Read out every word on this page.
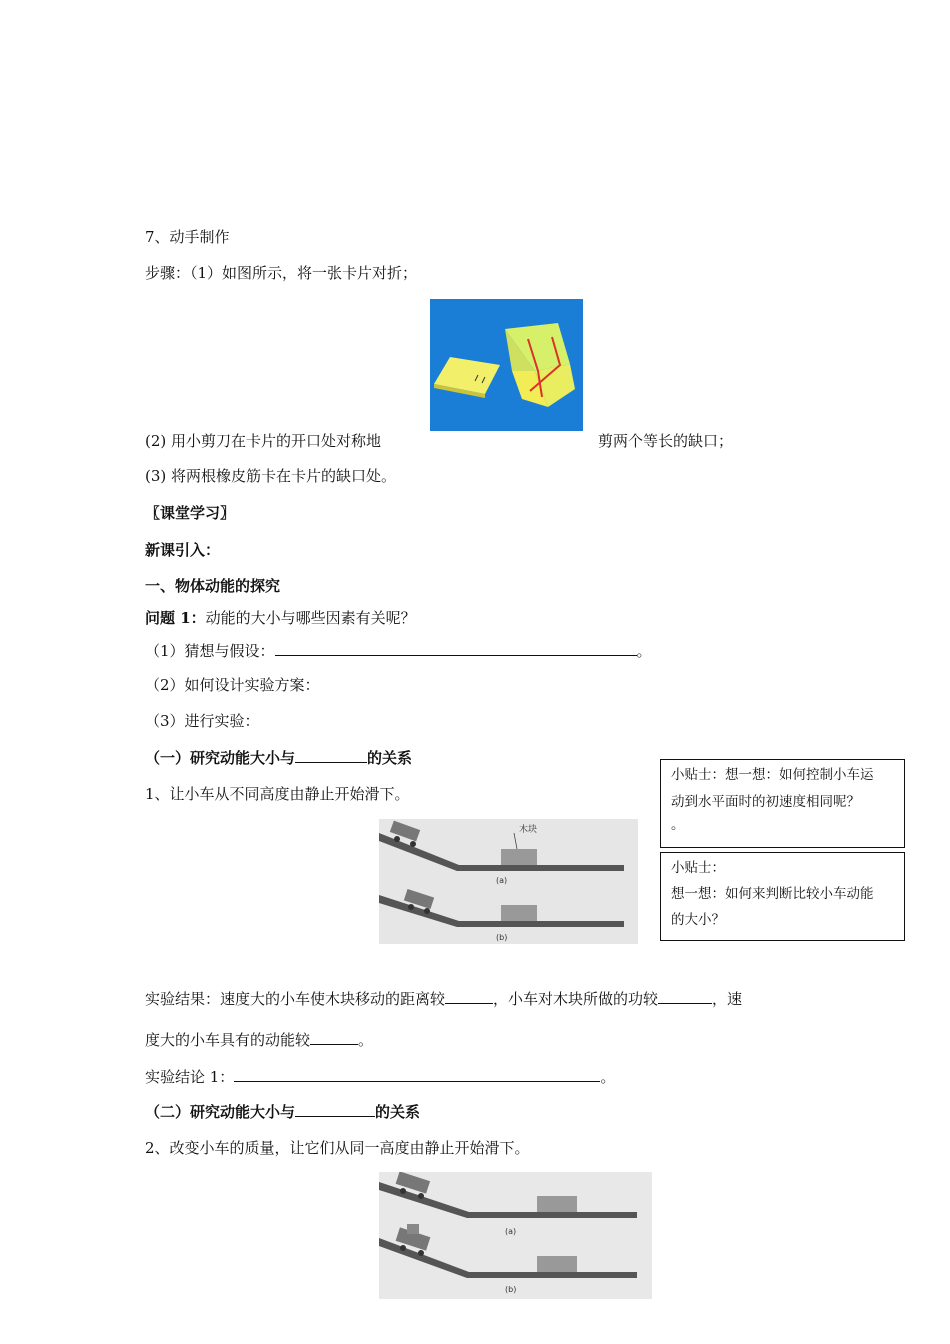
7、动手制作
步骤：（1）如图所示，将一张卡片对折；
(2) 用小剪刀在卡片的开口处对称地	剪两个等长的缺口；
(3) 将两根橡皮筋卡在卡片的缺口处。
〖课堂学习〗
新课引入：
一、物体动能的探究
问题 1：动能的大小与哪些因素有关呢？
（1）猜想与假设：	。
（2）如何设计实验方案：
（3）进行实验：
（一）研究动能大小与	的关系
1、让小车从不同高度由静止开始滑下。
小贴士：想一想：如何控制小车运
动到水平面时的初速度相同呢？
。
小贴士：
想一想：如何来判断比较小车动能
的大小？
木块
(a)
(b)
实验结果：速度大的小车使木块移动的距离较	，小车对木块所做的功较	，速
度大的小车具有的动能较	。
实验结论 1：	。
（二）研究动能大小与	的关系
2、改变小车的质量，让它们从同一高度由静止开始滑下。
(a)
(b)
